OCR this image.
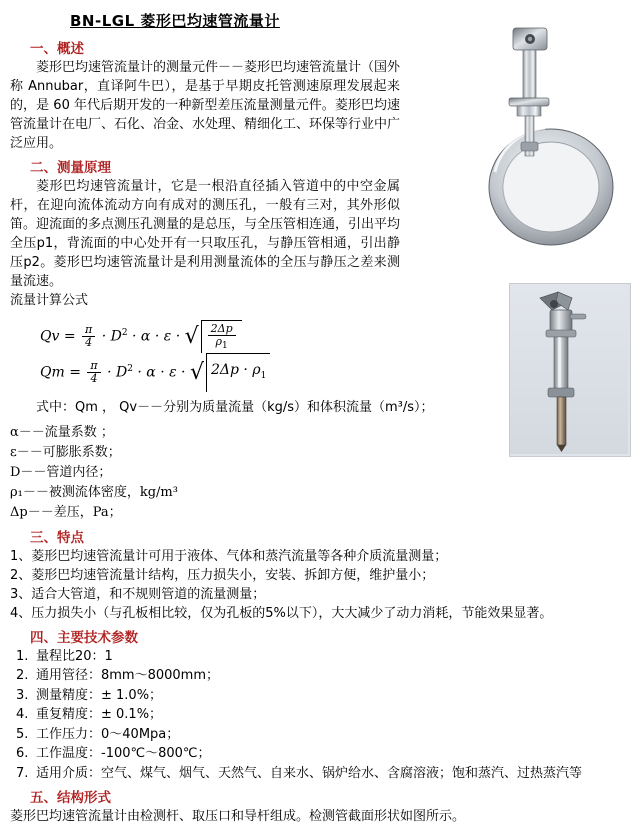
BN-LGL 菱形巴均速管流量计
一、概述

菱形巴均速管流量计的测量元件－－菱形巴均速管流量计（国外称 Annubar，直译阿牛巴），是基于早期皮托管测速原理发展起来的，是 60 年代后期开发的一种新型差压流量测量元件。菱形巴均速管流量计在电厂、石化、冶金、水处理、精细化工、环保等行业中广泛应用。

二、测量原理

菱形巴均速管流量计，它是一根沿直径插入管道中的中空金属杆，在迎向流体流动方向有成对的测压孔，一般有三对，其外形似笛。迎流面的多点测压孔测量的是总压，与全压管相连通，引出平均全压p1，背流面的中心处开有一只取压孔，与静压管相通，引出静压p2。菱形巴均速管流量计是利用测量流体的全压与静压之差来测量流速。

流量计算公式

$Qv = \frac{\pi}{4} \cdot D^2 \cdot \alpha \cdot \varepsilon$ · √ $\frac{2\Delta p}{\rho_1}$
$Qm = \frac{\pi}{4} \cdot D^2 \cdot \alpha \cdot \varepsilon$ · √ $2\Delta p \cdot \rho_1$

式中：Qm ， Qv－－分别为质量流量（kg/s）和体积流量（m³/s）；

α－－流量系数 ；

ε－－可膨胀系数；

D－－管道内径；

ρ₁－－被测流体密度，kg/m³

Δp－－差压，Pa；

三、特点

1、菱形巴均速管流量计可用于液体、气体和蒸汽流量等各种介质流量测量；

2、菱形巴均速管流量计结构，压力损失小，安装、拆卸方便，维护量小；

3、适合大管道，和不规则管道的流量测量；

4、压力损失小（与孔板相比较，仅为孔板的5%以下），大大减少了动力消耗，节能效果显著。

四、主要技术参数
1. 量程比20：1
2. 通用管径：8mm～8000mm；
3. 测量精度：± 1.0%；
4. 重复精度：± 0.1%；
5. 工作压力：0～40Mpa；
6. 工作温度：-100℃～800℃；
7. 适用介质：空气、煤气、烟气、天然气、自来水、锅炉给水、含腐溶液；饱和蒸汽、过热蒸汽等
五、结构形式

菱形巴均速管流量计由检测杆、取压口和导杆组成。检测管截面形状如图所示。
